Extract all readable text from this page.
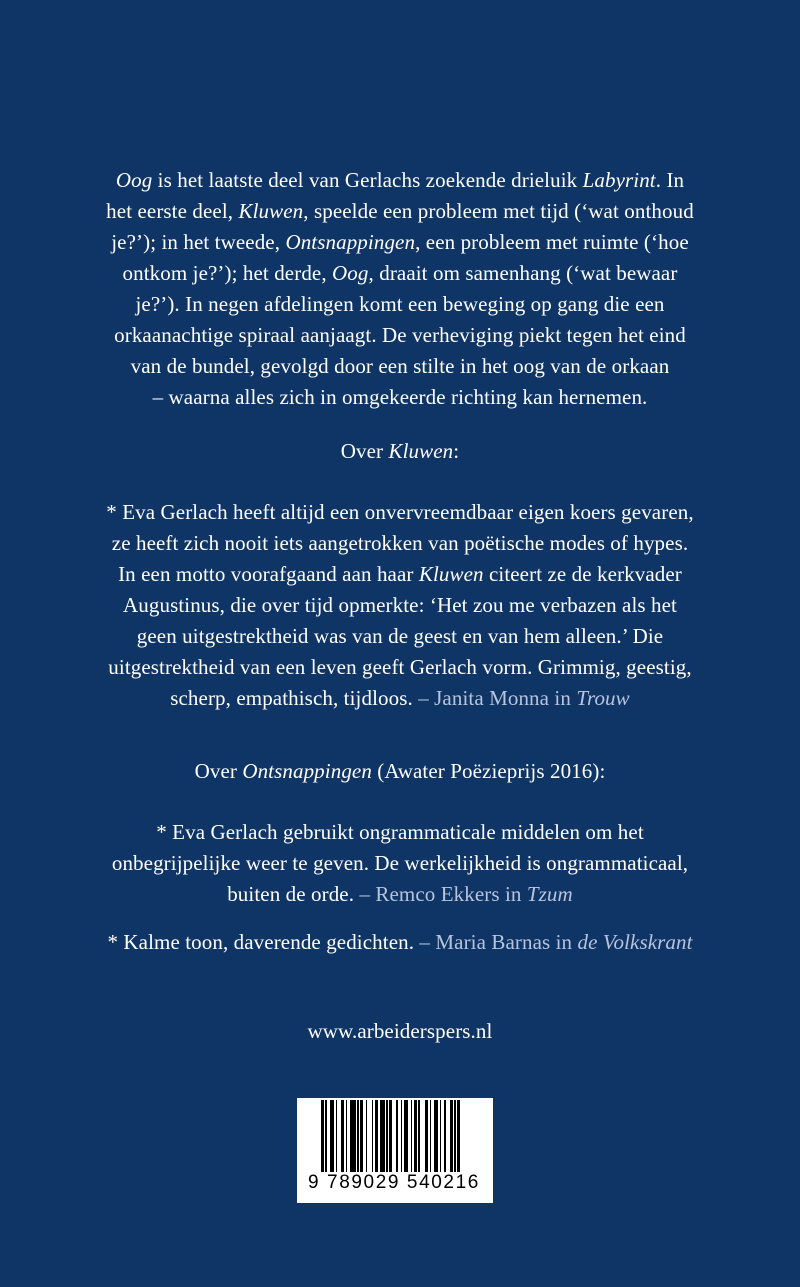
Oog is het laatste deel van Gerlachs zoekende drieluik Labyrint. In
het eerste deel, Kluwen, speelde een probleem met tijd (‘wat onthoud
je?’); in het tweede, Ontsnappingen, een probleem met ruimte (‘hoe
ontkom je?’); het derde, Oog, draait om samenhang (‘wat bewaar
je?’). In negen afdelingen komt een beweging op gang die een
orkaanachtige spiraal aanjaagt. De verheviging piekt tegen het eind
van de bundel, gevolgd door een stilte in het oog van de orkaan
– waarna alles zich in omgekeerde richting kan hernemen.
Over Kluwen:
* Eva Gerlach heeft altijd een onvervreemdbaar eigen koers gevaren,
ze heeft zich nooit iets aangetrokken van poëtische modes of hypes.
In een motto voorafgaand aan haar Kluwen citeert ze de kerkvader
Augustinus, die over tijd opmerkte: ‘Het zou me verbazen als het
geen uitgestrektheid was van de geest en van hem alleen.’ Die
uitgestrektheid van een leven geeft Gerlach vorm. Grimmig, geestig,
scherp, empathisch, tijdloos. – Janita Monna in Trouw
Over Ontsnappingen (Awater Poëzieprijs 2016):
* Eva Gerlach gebruikt ongrammaticale middelen om het
onbegrijpelijke weer te geven. De werkelijkheid is ongrammaticaal,
buiten de orde. – Remco Ekkers in Tzum
* Kalme toon, daverende gedichten. – Maria Barnas in de Volkskrant
www.arbeiderspers.nl
9 789029 540216
